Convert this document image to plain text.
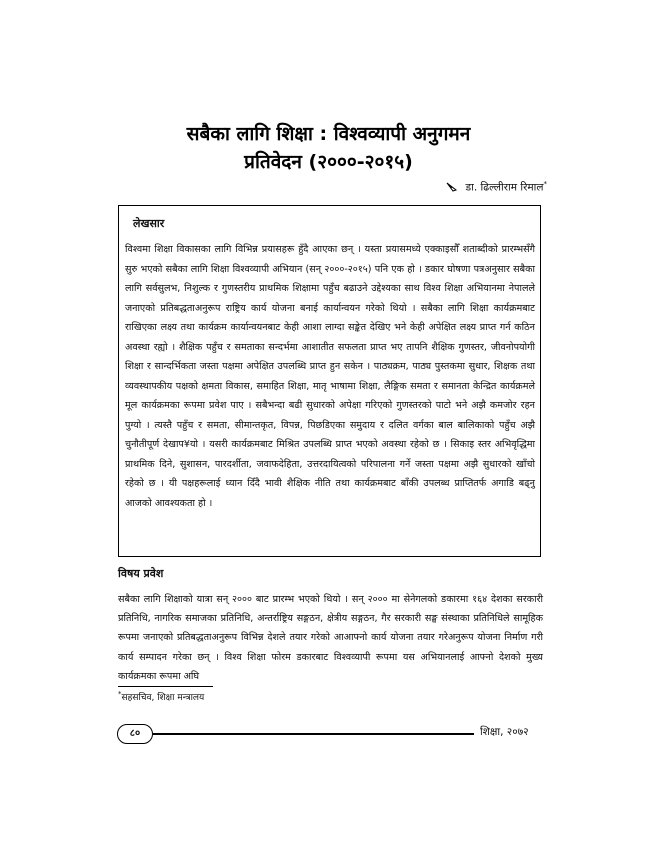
सबैका लागि शिक्षा : विश्वव्यापी अनुगमन
प्रतिवेदन (२०००-२०१५)
डा. ढिल्लीराम रिमाल*
लेखसार
विश्वमा शिक्षा विकासका लागि विभिन्न प्रयासहरू हुँदै आएका छन् । यस्ता प्रयासमध्ये एक्काइसौँ शताब्दीको प्रारम्भसँगै सुरु भएको सबैका लागि शिक्षा विश्वव्यापी अभियान (सन् २०००-२०१५) पनि एक हो । डकार घोषणा पत्रअनुसार सबैका लागि सर्वसुलभ, निशुल्क र गुणस्तरीय प्राथमिक शिक्षामा पहुँच बढाउने उद्देश्यका साथ विश्व शिक्षा अभियानमा नेपालले जनाएको प्रतिबद्धताअनुरूप राष्ट्रिय कार्य योजना बनाई कार्यान्वयन गरेको थियो । सबैका लागि शिक्षा कार्यक्रमबाट राखिएका लक्ष्य तथा कार्यक्रम कार्यान्वयनबाट केही आशा लाग्दा सङ्केत देखिए भने केही अपेक्षित लक्ष्य प्राप्त गर्न कठिन अवस्था रह्यो । शैक्षिक पहुँच र समताका सन्दर्भमा आशातीत सफलता प्राप्त भए तापनि शैक्षिक गुणस्तर, जीवनोपयोगी शिक्षा र सान्दर्भिकता जस्ता पक्षमा अपेक्षित उपलब्धि प्राप्त हुन सकेन । पाठ्यक्रम, पाठ्य पुस्तकमा सुधार, शिक्षक तथा व्यवस्थापकीय पक्षको क्षमता विकास, समाहित शिक्षा, मातृ भाषामा शिक्षा, लैङ्गिक समता र समानता केन्द्रित कार्यक्रमले मूल कार्यक्रमका रूपमा प्रवेश पाए । सबैभन्दा बढी सुधारको अपेक्षा गरिएको गुणस्तरको पाटो भने अझै कमजोर रहन पुग्यो । त्यस्तै पहुँच र समता, सीमान्तकृत, विपन्न, पिछडिएका समुदाय र दलित वर्गका बाल बालिकाको पहुँच अझै चुनौतीपूर्ण देखाप¥यो । यसरी कार्यक्रमबाट मिश्रित उपलब्धि प्राप्त भएको अवस्था रहेको छ । सिकाइ स्तर अभिवृद्धिमा प्राथमिक दिने, सुशासन, पारदर्शीता, जवाफदेहिता, उत्तरदायित्वको परिपालना गर्ने जस्ता पक्षमा अझै सुधारको खाँचो रहेको छ । यी पक्षहरूलाई ध्यान दिँदै भावी शैक्षिक नीति तथा कार्यक्रमबाट बाँकी उपलब्ध प्राप्तितर्फ अगाडि बढ्नु आजको आवश्यकता हो ।
विषय प्रवेश
सबैका लागि शिक्षाको यात्रा सन् २००० बाट प्रारम्भ भएको थियो । सन् २००० मा सेनेगलको डकारमा १६४ देशका सरकारी प्रतिनिधि, नागरिक समाजका प्रतिनिधि, अन्तर्राष्ट्रिय सङ्गठन, क्षेत्रीय सङ्गठन, गैर सरकारी सङ्घ संस्थाका प्रतिनिधिले सामूहिक रूपमा जनाएको प्रतिबद्धताअनुरूप विभिन्न देशले तयार गरेको आआफ्नो कार्य योजना तयार गरेअनुरूप योजना निर्माण गरी कार्य सम्पादन गरेका छन् । विश्व शिक्षा फोरम डकारबाट विश्वव्यापी रूपमा यस अभियानलाई आफ्नो देशको मुख्य कार्यक्रमका रूपमा अघि
*सहसचिव, शिक्षा मन्त्रालय
८०	शिक्षा, २०७२
